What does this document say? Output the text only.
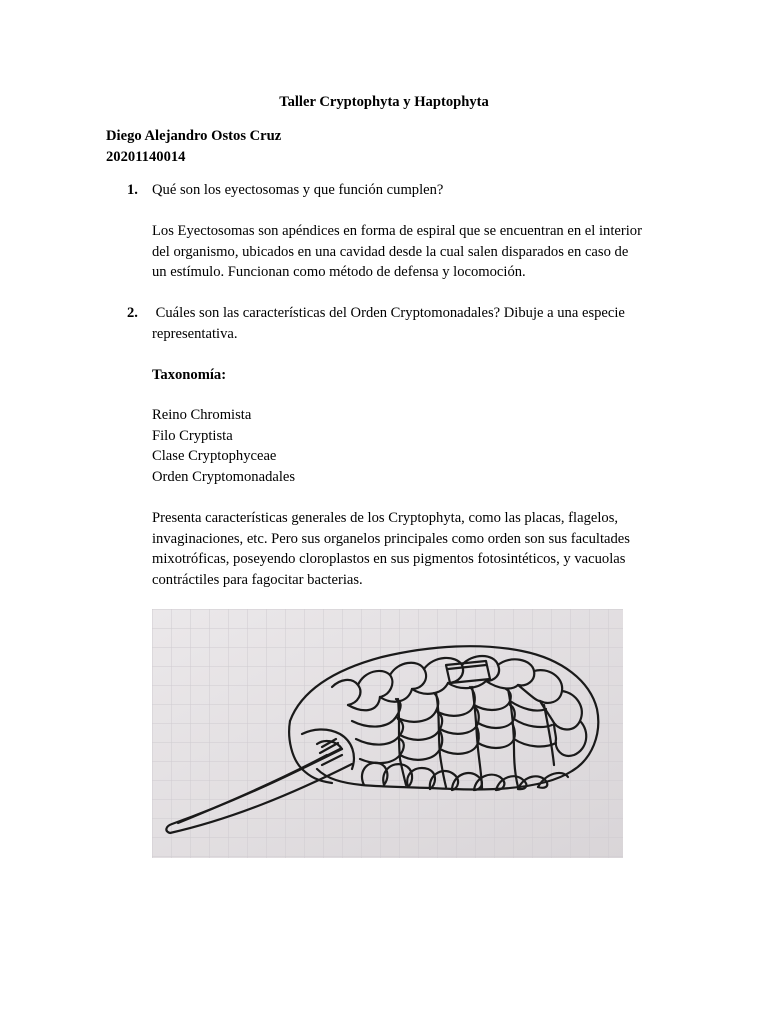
Taller Cryptophyta y Haptophyta
Diego Alejandro Ostos Cruz
20201140014
1. Qué son los eyectosomas y que función cumplen?
Los Eyectosomas son apéndices en forma de espiral que se encuentran en el interior
del organismo, ubicados en una cavidad desde la cual salen disparados en caso de
un estímulo. Funcionan como método de defensa y locomoción.
2. Cuáles son las características del Orden Cryptomonadales? Dibuje a una especie
representativa.
Taxonomía:
Reino Chromista
Filo Cryptista
Clase Cryptophyceae
Orden Cryptomonadales
Presenta características generales de los Cryptophyta, como las placas, flagelos,
invaginaciones, etc. Pero sus organelos principales como orden son sus facultades
mixotróficas, poseyendo cloroplastos en sus pigmentos fotosintéticos, y vacuolas
contráctiles para fagocitar bacterias.
